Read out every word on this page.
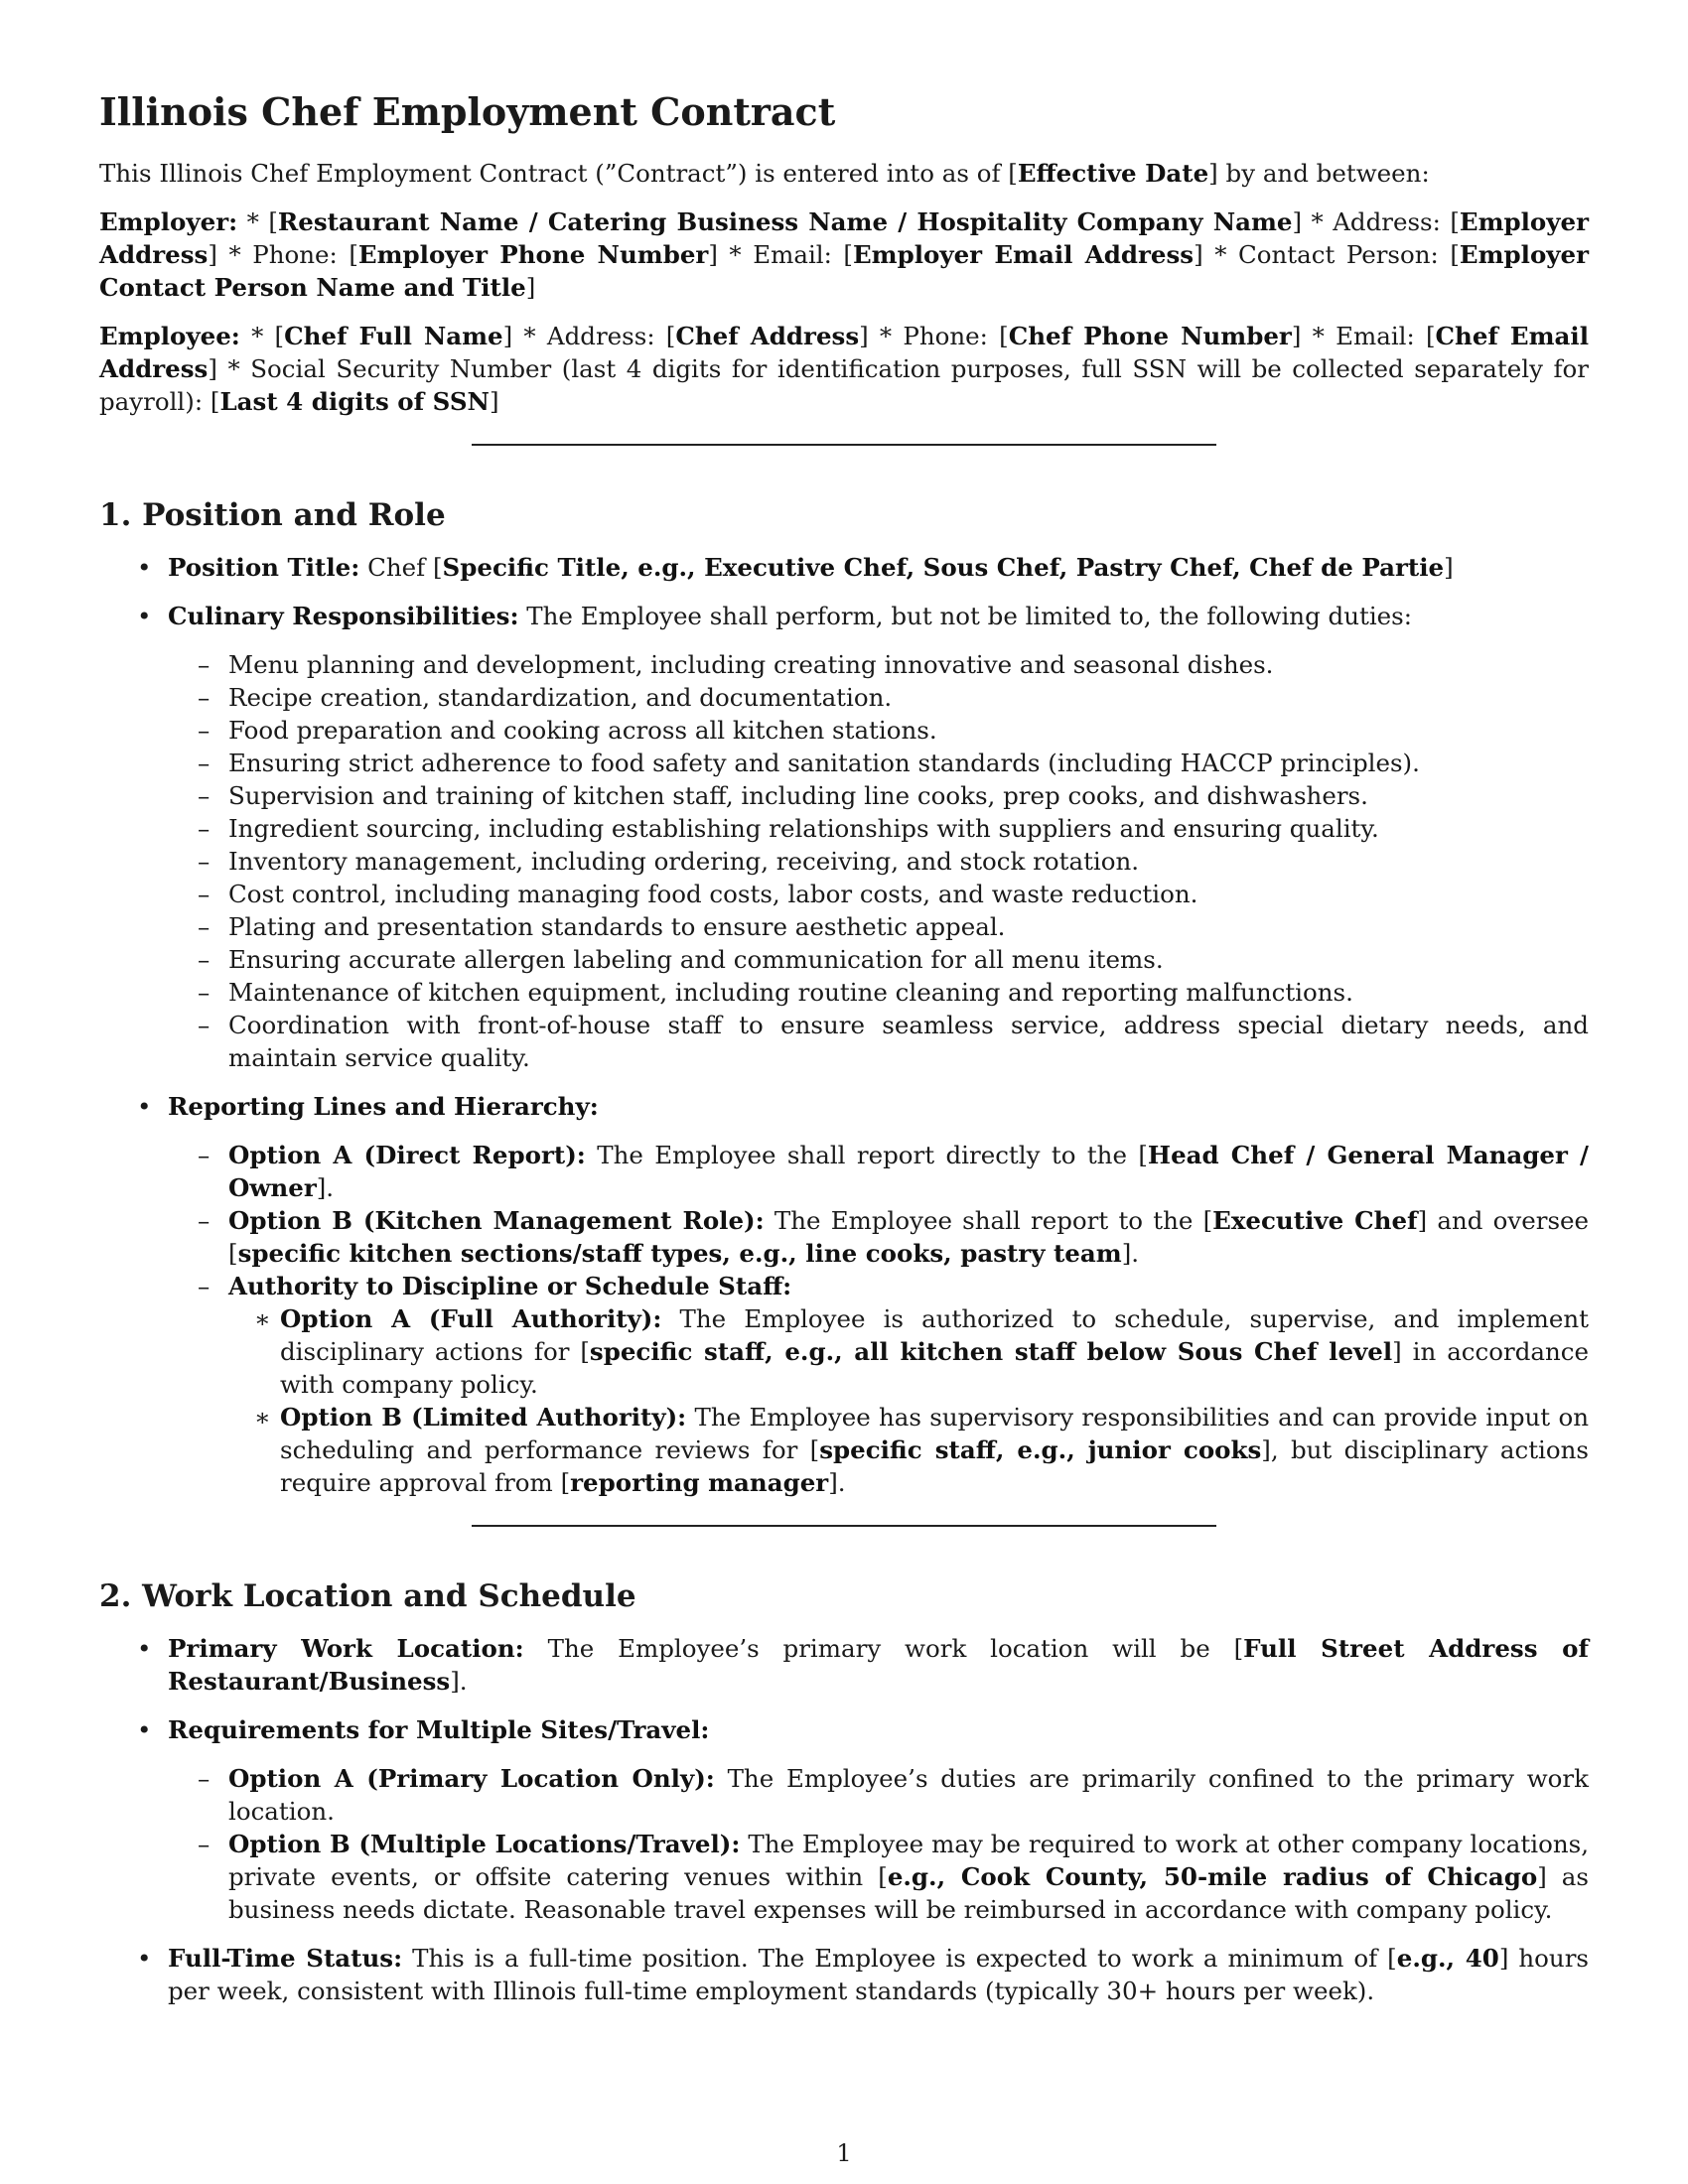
Illinois Chef Employment Contract

This Illinois Chef Employment Contract (”Contract”) is entered into as of [Effective Date] by and between:

Employer: * [Restaurant Name / Catering Business Name / Hospitality Company Name] * Address: [Employer Address] * Phone: [Employer Phone Number] * Email: [Employer Email Address] * Contact Person: [Employer Contact Person Name and Title]

Employee: * [Chef Full Name] * Address: [Chef Address] * Phone: [Chef Phone Number] * Email: [Chef Email Address] * Social Security Number (last 4 digits for identification purposes, full SSN will be collected separately for payroll): [Last 4 digits of SSN]

1. Position and Role
• Position Title: Chef [Specific Title, e.g., Executive Chef, Sous Chef, Pastry Chef, Chef de Partie]
• Culinary Responsibilities: The Employee shall perform, but not be limited to, the following duties:
– Menu planning and development, including creating innovative and seasonal dishes.
– Recipe creation, standardization, and documentation.
– Food preparation and cooking across all kitchen stations.
– Ensuring strict adherence to food safety and sanitation standards (including HACCP principles).
– Supervision and training of kitchen staff, including line cooks, prep cooks, and dishwashers.
– Ingredient sourcing, including establishing relationships with suppliers and ensuring quality.
– Inventory management, including ordering, receiving, and stock rotation.
– Cost control, including managing food costs, labor costs, and waste reduction.
– Plating and presentation standards to ensure aesthetic appeal.
– Ensuring accurate allergen labeling and communication for all menu items.
– Maintenance of kitchen equipment, including routine cleaning and reporting malfunctions.
– Coordination with front-of-house staff to ensure seamless service, address special dietary needs, and maintain service quality.
• Reporting Lines and Hierarchy:
– Option A (Direct Report): The Employee shall report directly to the [Head Chef / General Manager / Owner].
– Option B (Kitchen Management Role): The Employee shall report to the [Executive Chef] and oversee [specific kitchen sections/staff types, e.g., line cooks, pastry team].
– Authority to Discipline or Schedule Staff:
∗ Option A (Full Authority): The Employee is authorized to schedule, supervise, and implement disciplinary actions for [specific staff, e.g., all kitchen staff below Sous Chef level] in accordance with company policy.
∗ Option B (Limited Authority): The Employee has supervisory responsibilities and can provide input on scheduling and performance reviews for [specific staff, e.g., junior cooks], but disciplinary actions require approval from [reporting manager].
2. Work Location and Schedule
• Primary Work Location: The Employee’s primary work location will be [Full Street Address of Restaurant/Business].
• Requirements for Multiple Sites/Travel:
– Option A (Primary Location Only): The Employee’s duties are primarily confined to the primary work location.
– Option B (Multiple Locations/Travel): The Employee may be required to work at other company locations, private events, or offsite catering venues within [e.g., Cook County, 50-mile radius of Chicago] as business needs dictate. Reasonable travel expenses will be reimbursed in accordance with company policy.
• Full-Time Status: This is a full-time position. The Employee is expected to work a minimum of [e.g., 40] hours per week, consistent with Illinois full-time employment standards (typically 30+ hours per week).
1
